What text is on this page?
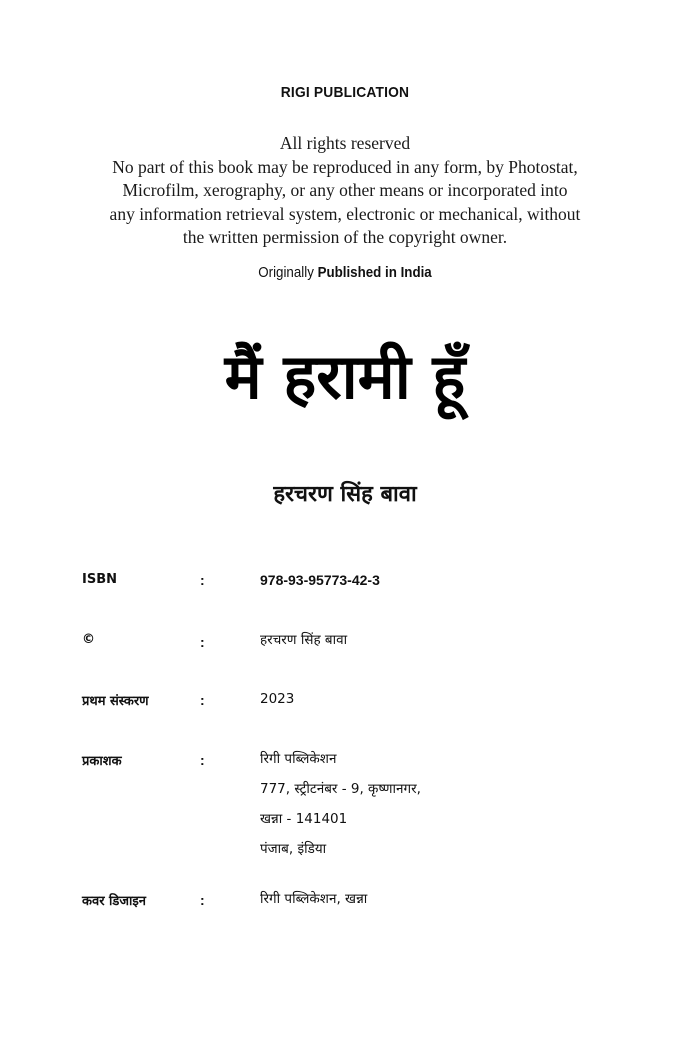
RIGI PUBLICATION
All rights reserved
No part of this book may be reproduced in any form, by Photostat,
Microfilm, xerography, or any other means or incorporated into
any information retrieval system, electronic or mechanical, without
the written permission of the copyright owner.
Originally Published in India
मैं हरामी हूँ
हरचरण सिंह बावा
ISBN	:	978-93-95773-42-3
©	:	हरचरण सिंह बावा
प्रथम संस्करण	:	2023
प्रकाशक	:	रिगी पब्लिकेशन
777, स्ट्रीटनंबर - 9, कृष्णानगर,
खन्ना - 141401
पंजाब, इंडिया
कवर डिजाइन	:	रिगी पब्लिकेशन, खन्ना
